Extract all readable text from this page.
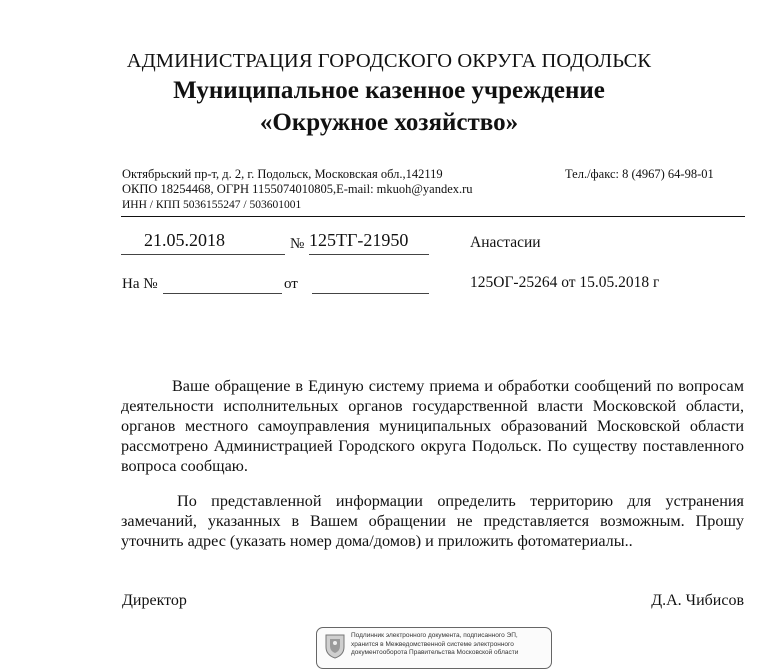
АДМИНИСТРАЦИЯ ГОРОДСКОГО ОКРУГА ПОДОЛЬСК
Муниципальное казенное учреждение
«Окружное хозяйство»
Октябрьский пр-т, д. 2, г. Подольск, Московская обл.,142119
ОКПО 18254468, ОГРН 1155074010805,E-mail: mkuoh@yandex.ru
ИНН / КПП 5036155247 / 503601001
Тел./факс: 8 (4967) 64-98-01
21.05.2018	№ 125ТГ-21950
На №	от
Анастасии
125ОГ-25264 от 15.05.2018 г

Ваше обращение в Единую систему приема и обработки сообщений по вопросам деятельности исполнительных органов государственной власти Московской области, органов местного самоуправления муниципальных образований Московской области рассмотрено Администрацией Городского округа Подольск. По существу поставленного вопроса сообщаю.

По представленной информации определить территорию для устранения замечаний, указанных в Вашем обращении не представляется возможным. Прошу уточнить адрес (указать номер дома/домов) и приложить фотоматериалы..

Директор	Д.А. Чибисов
Подлинник электронного документа, подписанного ЭП,
хранится в Межведомственной системе электронного
документооборота Правительства Московской области
